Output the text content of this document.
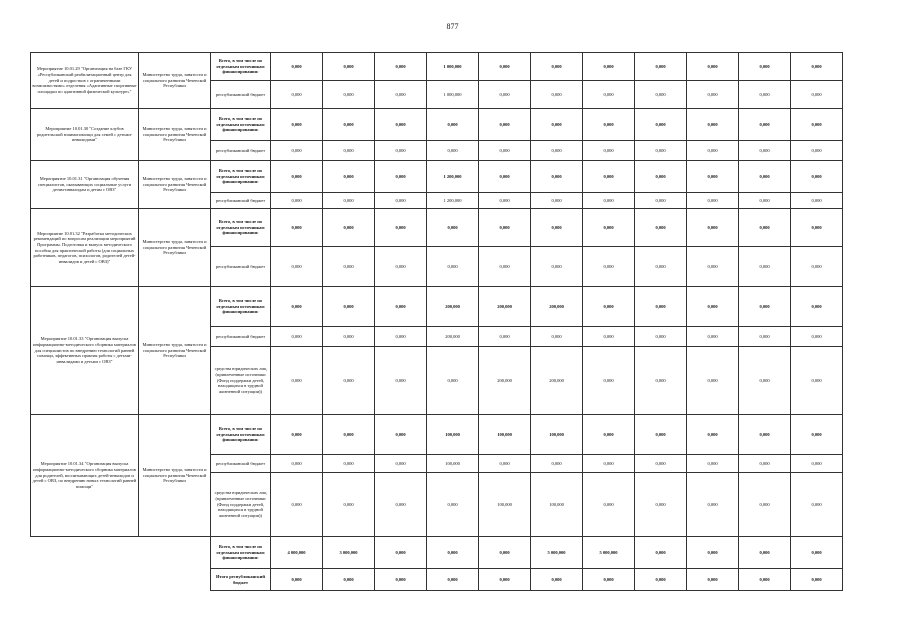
877
Мероприятие 10.01.29 "Организация на базе ГКУ «Республиканский реабилитационный центр для детей и подростков с ограниченными возможностями» отделения «Адаптивные спортивные площадки по адаптивной физической культуре»"	Министерство труда, занятости и социального развития Чеченской Республики	Всего, в том числе по отдельным источникам финансирования:	0,000	0,000	0,000	1 000,000	0,000	0,000	0,000	0,000	0,000	0,000	0,000
		республиканский бюджет	0,000	0,000	0,000	1 000,000	0,000	0,000	0,000	0,000	0,000	0,000	0,000
Мероприятие 10.01.30 "Создание клубов родительской взаимопомощи для семей с детьми-инвалидами"	Министерство труда, занятости и социального развития Чеченской Республики	Всего, в том числе по отдельным источникам финансирования:	0,000	0,000	0,000	0,000	0,000	0,000	0,000	0,000	0,000	0,000	0,000
		республиканский бюджет	0,000	0,000	0,000	0,000	0,000	0,000	0,000	0,000	0,000	0,000	0,000
Мероприятие 10.01.31 "Организация обучения специалистов, оказывающих социальные услуги детям-инвалидам и детям с ОВЗ"	Министерство труда, занятости и социального развития Чеченской Республики	Всего, в том числе по отдельным источникам финансирования:	0,000	0,000	0,000	1 200,000	0,000	0,000	0,000	0,000	0,000	0,000	0,000
		республиканский бюджет	0,000	0,000	0,000	1 200,000	0,000	0,000	0,000	0,000	0,000	0,000	0,000
Мероприятие 10.01.32 "Разработка методических рекомендаций по вопросам реализации мероприятий Программы. Подготовка и выпуск методического пособия для практической работы (для социальных работников, педагогов, психологов, родителей детей-инвалидов и детей с ОВЗ)"	Министерство труда, занятости и социального развития Чеченской Республики	Всего, в том числе по отдельным источникам финансирования:	0,000	0,000	0,000	0,000	0,000	0,000	0,000	0,000	0,000	0,000	0,000
		республиканский бюджет	0,000	0,000	0,000	0,000	0,000	0,000	0,000	0,000	0,000	0,000	0,000
Мероприятие 10.01.33 "Организация выпуска информационно-методического сборника материалов для специалистов по внедрению технологий ранней помощи, эффективных практик работы с детьми-инвалидами и детьми с ОВЗ"	Министерство труда, занятости и социального развития Чеченской Республики	Всего, в том числе по отдельным источникам финансирования:	0,000	0,000	0,000	200,000	200,000	200,000	0,000	0,000	0,000	0,000	0,000
		республиканский бюджет	0,000	0,000	0,000	200,000	0,000	0,000	0,000	0,000	0,000	0,000	0,000
		средства юридических лиц (привлеченные источники (Фонд поддержки детей, находящихся в трудной жизненной ситуации))	0,000	0,000	0,000	0,000	200,000	200,000	0,000	0,000	0,000	0,000	0,000
Мероприятие 10.01.34 "Организация выпуска информационно-методического сборника материалов для родителей, воспитывающих детей-инвалидов и детей с ОВЗ, по внедрению новых технологий ранней помощи"	Министерство труда, занятости и социального развития Чеченской Республики	Всего, в том числе по отдельным источникам финансирования:	0,000	0,000	0,000	100,000	100,000	100,000	0,000	0,000	0,000	0,000	0,000
		республиканский бюджет	0,000	0,000	0,000	100,000	0,000	0,000	0,000	0,000	0,000	0,000	0,000
		средства юридических лиц (привлеченные источники (Фонд поддержки детей, находящихся в трудной жизненной ситуации))	0,000	0,000	0,000	0,000	100,000	100,000	0,000	0,000	0,000	0,000	0,000
		Всего, в том числе по отдельным источникам финансирования:	4 000,000	3 000,000	0,000	0,000	0,000	5 000,000	5 000,000	0,000	0,000	0,000	0,000
		Итого республиканский бюджет	0,000	0,000	0,000	0,000	0,000	0,000	0,000	0,000	0,000	0,000	0,000
